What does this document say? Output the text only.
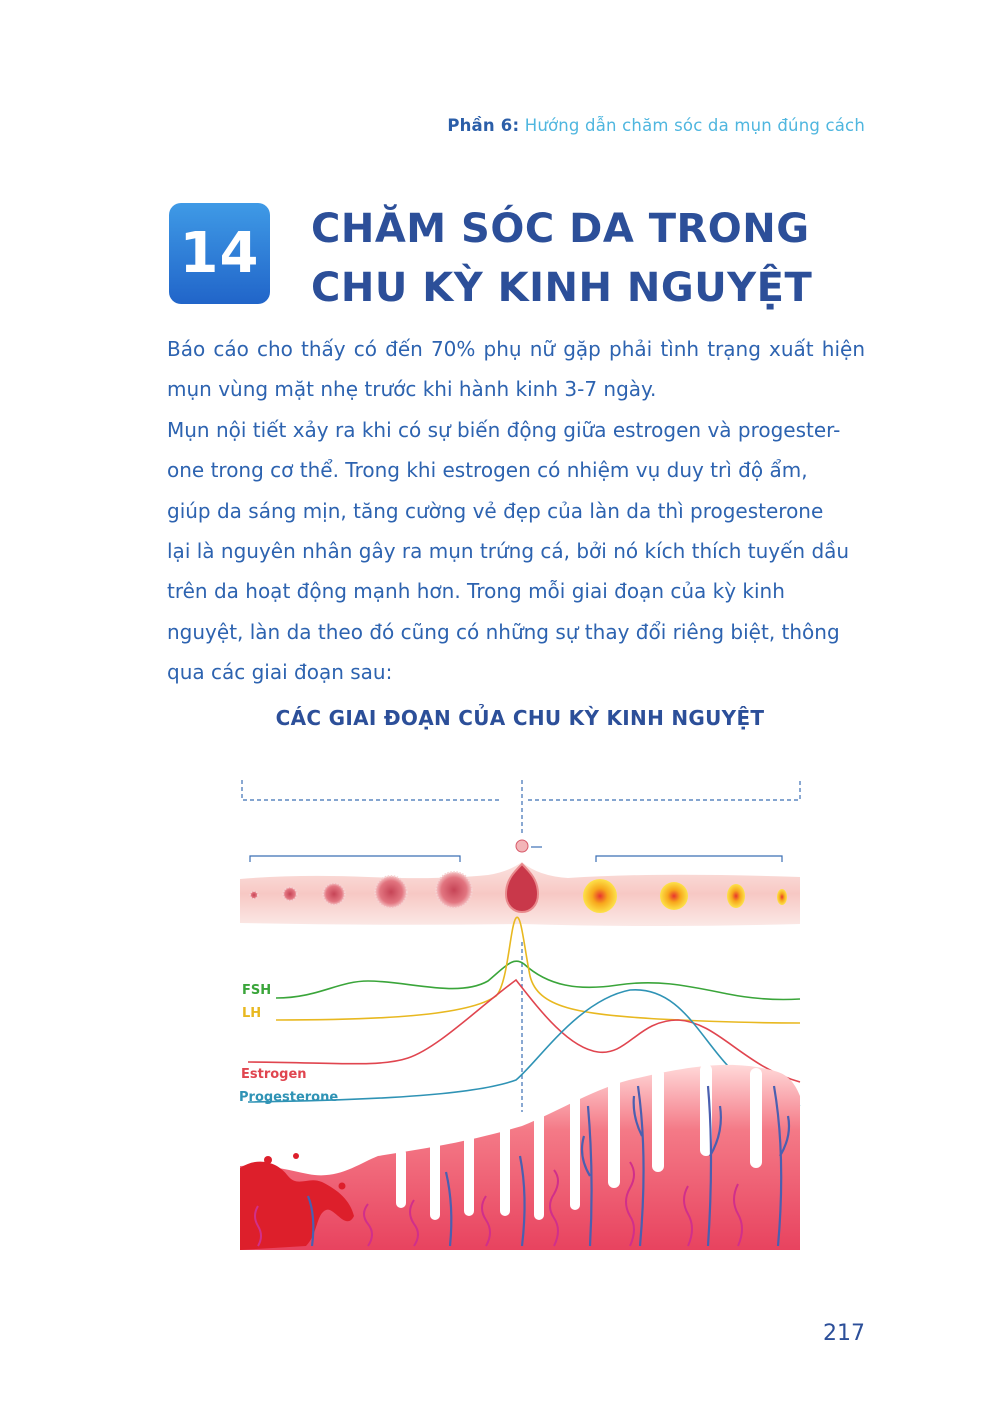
Phần 6: Hướng dẫn chăm sóc da mụn đúng cách
14 CHĂM SÓC DA TRONG
CHU KỲ KINH NGUYỆT

Báo cáo cho thấy có đến 70% phụ nữ gặp phải tình trạng xuất hiện mụn vùng mặt nhẹ trước khi hành kinh 3-7 ngày.

Mụn nội tiết xảy ra khi có sự biến động giữa estrogen và progester-
one trong cơ thể. Trong khi estrogen có nhiệm vụ duy trì độ ẩm,
giúp da sáng mịn, tăng cường vẻ đẹp của làn da thì progesterone
lại là nguyên nhân gây ra mụn trứng cá, bởi nó kích thích tuyến dầu
trên da hoạt động mạnh hơn. Trong mỗi giai đoạn của kỳ kinh
nguyệt, làn da theo đó cũng có những sự thay đổi riêng biệt, thông
qua các giai đoạn sau:
CÁC GIAI ĐOẠN CỦA CHU KỲ KINH NGUYỆT
FSH
LH
Estrogen
Progesterone
217
